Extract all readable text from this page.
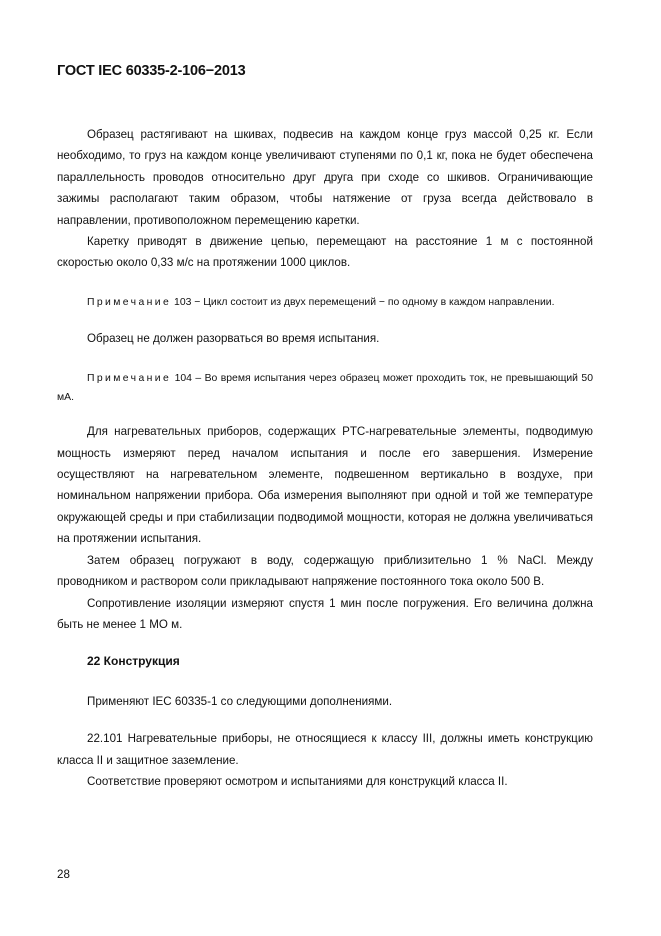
ГОСТ IEC 60335-2-106−2013

Образец растягивают на шкивах, подвесив на каждом конце груз массой 0,25 кг. Если необходимо, то груз на каждом конце увеличивают ступенями по 0,1 кг, пока не будет обеспечена параллельность проводов относительно друг друга при сходе со шкивов. Ограничивающие зажимы располагают таким образом, чтобы натяжение от груза всегда действовало в направлении, противоположном перемещению каретки.

Каретку приводят в движение цепью, перемещают на расстояние 1 м с постоянной скоростью около 0,33 м/с на протяжении 1000 циклов.

Примечание 103 − Цикл состоит из двух перемещений − по одному в каждом направлении.

Образец не должен разорваться во время испытания.

Примечание 104 – Во время испытания через образец может проходить ток, не превышающий 50 мА.

Для нагревательных приборов, содержащих PTC-нагревательные элементы, подводимую мощность измеряют перед началом испытания и после его завершения. Измерение осуществляют на нагревательном элементе, подвешенном вертикально в воздухе, при номинальном напряжении прибора. Оба измерения выполняют при одной и той же температуре окружающей среды и при стабилизации подводимой мощности, которая не должна увеличиваться на протяжении испытания.

Затем образец погружают в воду, содержащую приблизительно 1 % NaCl. Между проводником и раствором соли прикладывают напряжение постоянного тока около 500 В.

Сопротивление изоляции измеряют спустя 1 мин после погружения. Его величина должна быть не менее 1 МО м.

22 Конструкция

Применяют IEC 60335-1 со следующими дополнениями.

22.101 Нагревательные приборы, не относящиеся к классу III, должны иметь конструкцию класса II и защитное заземление.

Соответствие проверяют осмотром и испытаниями для конструкций класса II.

28
